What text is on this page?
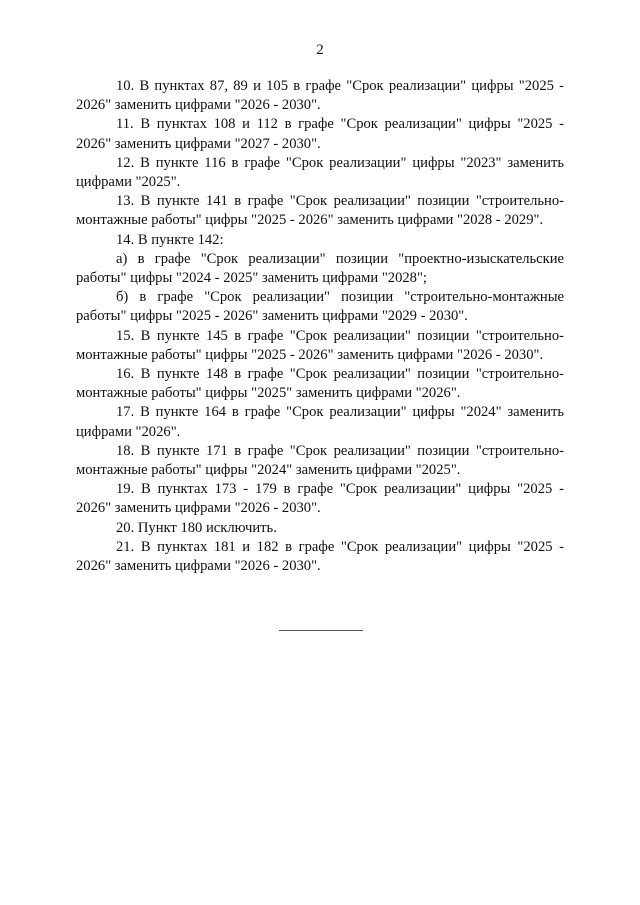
2

10. В пунктах 87, 89 и 105 в графе "Срок реализации" цифры "2025 - 2026" заменить цифрами "2026 - 2030".

11. В пунктах 108 и 112 в графе "Срок реализации" цифры "2025 - 2026" заменить цифрами "2027 - 2030".

12. В пункте 116 в графе "Срок реализации" цифры "2023" заменить цифрами "2025".

13. В пункте 141 в графе "Срок реализации" позиции "строительно-монтажные работы" цифры "2025 - 2026" заменить цифрами "2028 - 2029".

14. В пункте 142:

а) в графе "Срок реализации" позиции "проектно-изыскательские работы" цифры "2024 - 2025" заменить цифрами "2028";

б) в графе "Срок реализации" позиции "строительно-монтажные работы" цифры "2025 - 2026" заменить цифрами "2029 - 2030".

15. В пункте 145 в графе "Срок реализации" позиции "строительно-монтажные работы" цифры "2025 - 2026" заменить цифрами "2026 - 2030".

16. В пункте 148 в графе "Срок реализации" позиции "строительно-монтажные работы" цифры "2025" заменить цифрами "2026".

17. В пункте 164 в графе "Срок реализации" цифры "2024" заменить цифрами "2026".

18. В пункте 171 в графе "Срок реализации" позиции "строительно-монтажные работы" цифры "2024" заменить цифрами "2025".

19. В пунктах 173 - 179 в графе "Срок реализации" цифры "2025 - 2026" заменить цифрами "2026 - 2030".

20. Пункт 180 исключить.

21. В пунктах 181 и 182 в графе "Срок реализации" цифры "2025 - 2026" заменить цифрами "2026 - 2030".
